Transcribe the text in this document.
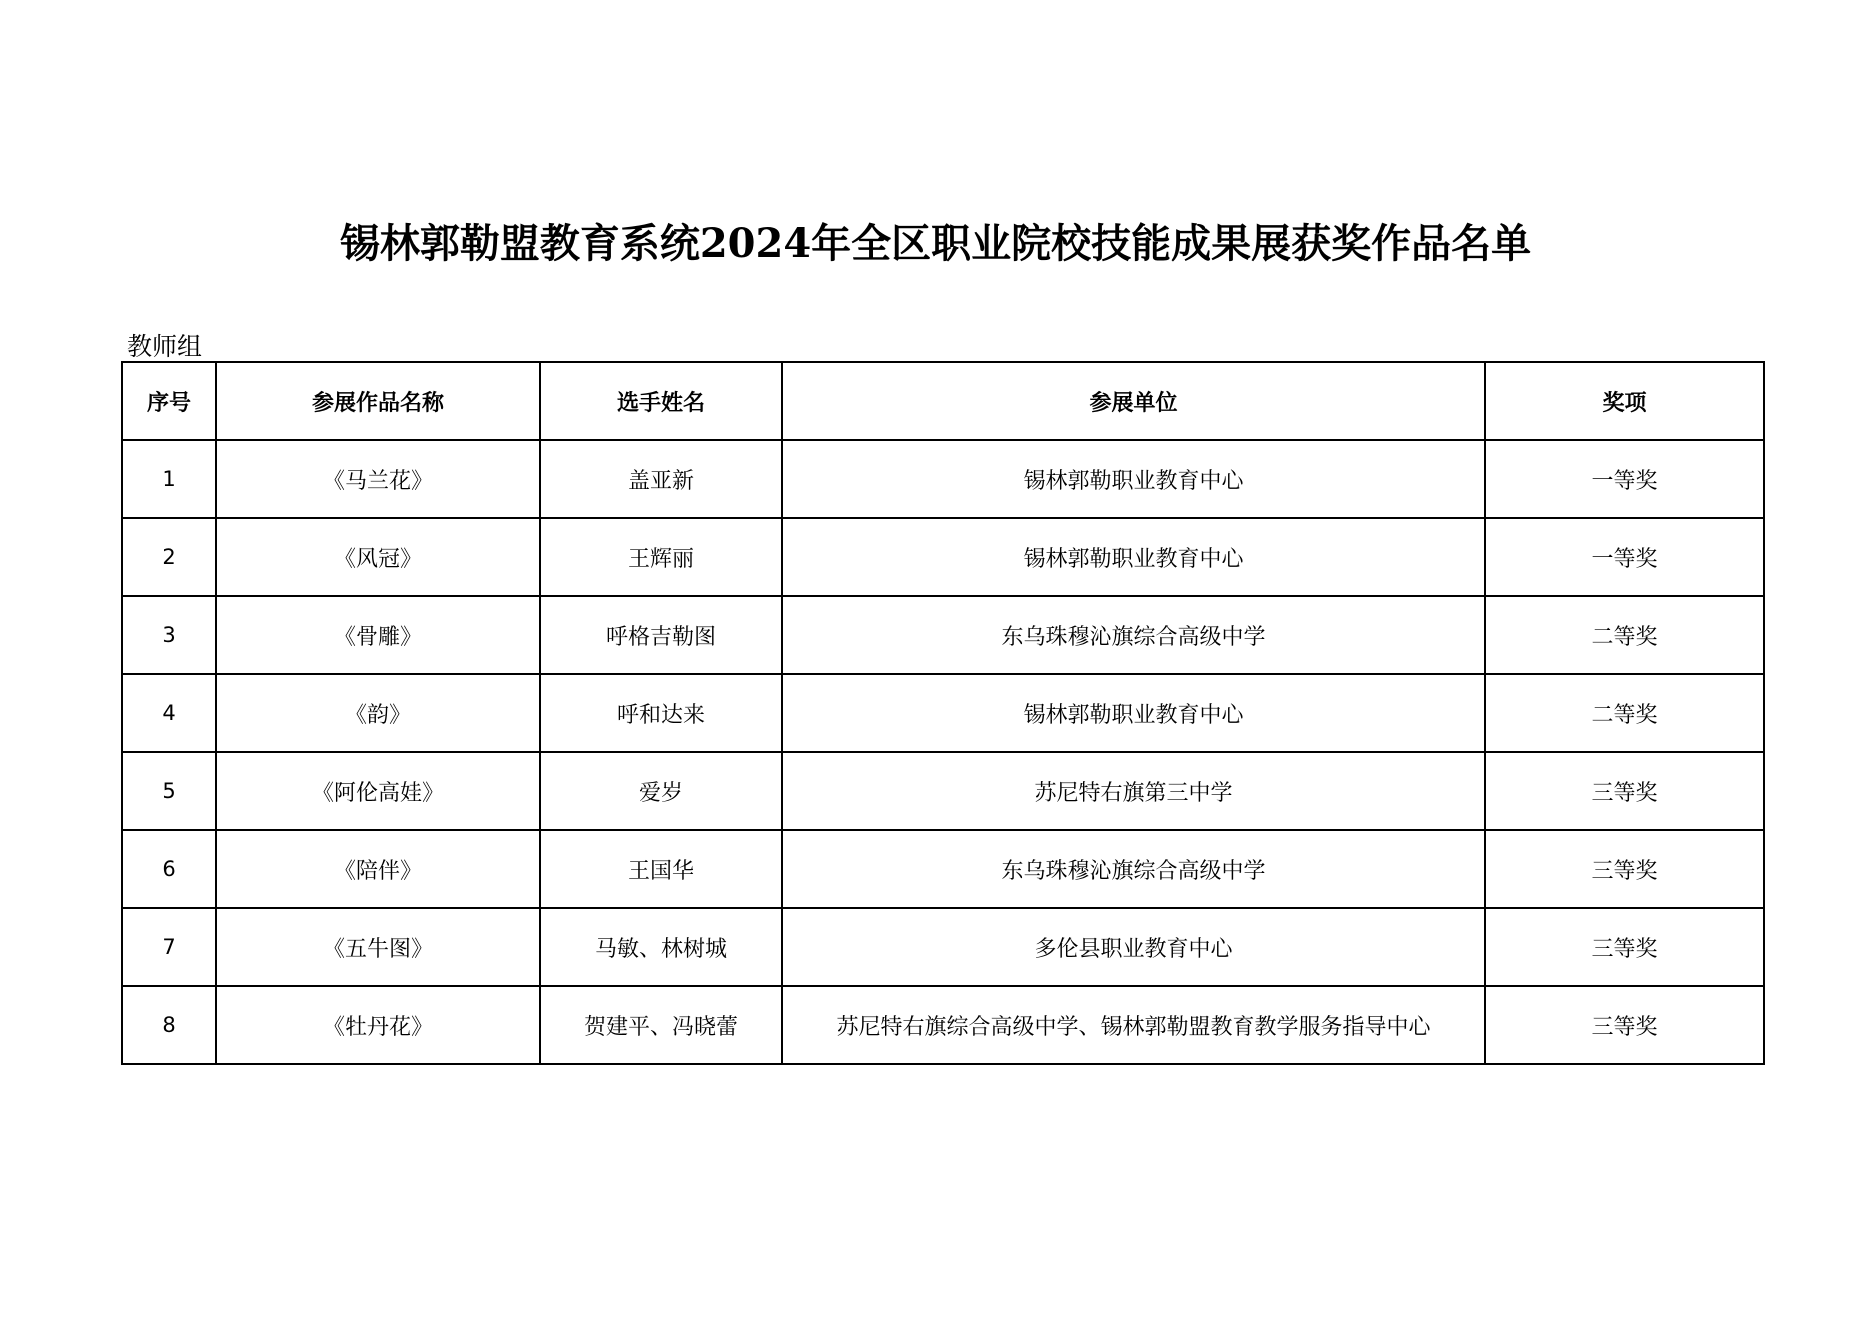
锡林郭勒盟教育系统2024年全区职业院校技能成果展获奖作品名单
教师组
序号	参展作品名称	选手姓名	参展单位	奖项
1	《马兰花》	盖亚新	锡林郭勒职业教育中心	一等奖
2	《风冠》	王辉丽	锡林郭勒职业教育中心	一等奖
3	《骨雕》	呼格吉勒图	东乌珠穆沁旗综合高级中学	二等奖
4	《韵》	呼和达来	锡林郭勒职业教育中心	二等奖
5	《阿伦高娃》	爱岁	苏尼特右旗第三中学	三等奖
6	《陪伴》	王国华	东乌珠穆沁旗综合高级中学	三等奖
7	《五牛图》	马敏、林树城	多伦县职业教育中心	三等奖
8	《牡丹花》	贺建平、冯晓蕾	苏尼特右旗综合高级中学、锡林郭勒盟教育教学服务指导中心	三等奖
